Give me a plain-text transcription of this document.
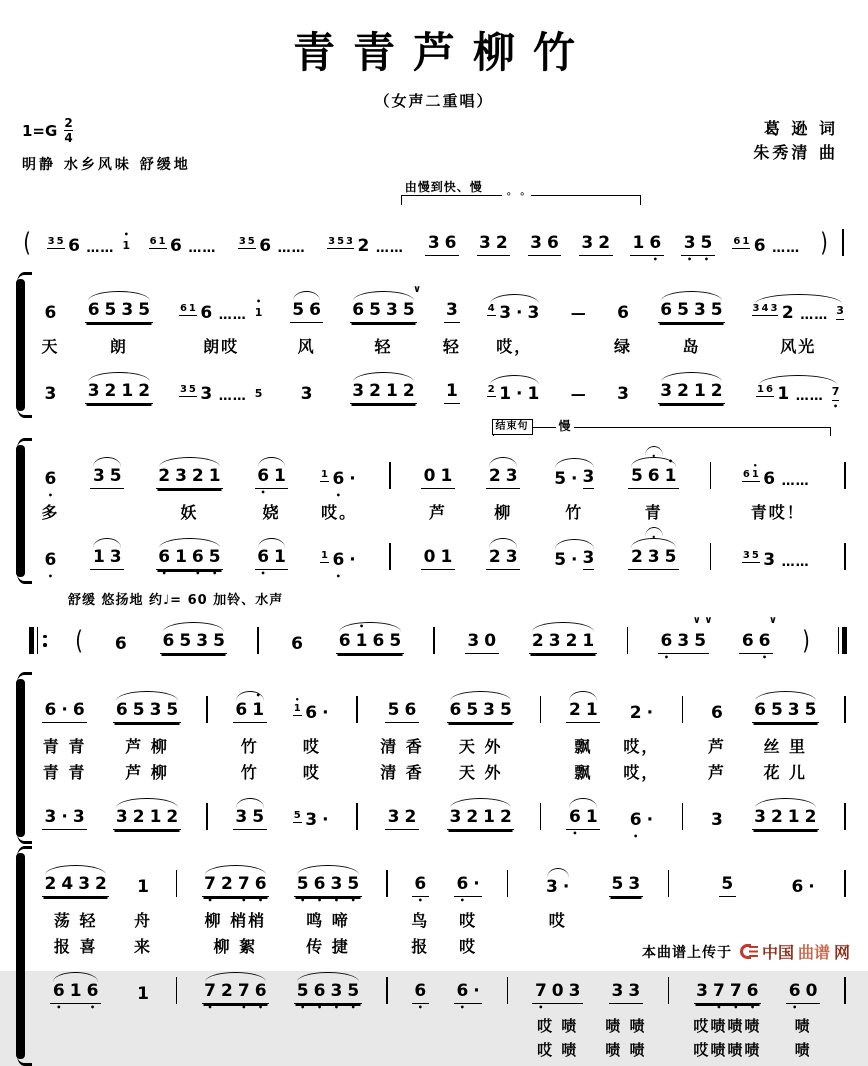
青青芦柳竹
（女声二重唱）
$1=G \frac{2}{4}$
明静 水乡风味 舒缓地
葛 逊 词
朱秀清 曲
由慢到快、慢
∘ ∘
( 3 5 6 …… 1
•
6 1 6 …… 3 5 6 …… 3 5 3 2 …… 3 6 3 2 3 6 3 2 1 6
•
3
•
5
•
6 1 6 …… )
6
天
3
6 5 3 5
朗
3 2 1 2
6 1 6 …… 1
•
朗哎
3 5 3 …… 5
5 6
风
3
∨
6 5 3 5
轻
3 2 1 2
3
轻
1
4 3 · 3
哎，
2 1 · 1
—
—
6
绿
3
6 5 3 5
岛
3 2 1 2
3 4 3 2 …… 3
风光
1 6 1 …… 7
•
结束句	慢
6
•
多
6
•
3 5
1 3
2 3 2 1
妖
6
•
1 6
•
5
•
6
•
1
娆
6
•
1
1 6
•
·
哎。
1 6
•
·
0 1
芦
0 1
2 3
柳
2 3
5 · 3
竹
5 · 3
•
5 6 1
•
青
•
2 3 5
6 1
•
6 ……
青哎！
3 5 3 ……
舒缓 悠扬地 约♩= 60 加铃、水声
( 6 6 5 3 5	6 6 1
•
6 5	3 0 2 3 2 1
∨ ∨
6
•
3 5
∨
6 6
•
)
6 · 6
青 青
青 青
3 · 3
6 5 3 5
芦 柳
芦 柳
3 2 1 2
6 1
•
竹
竹
3 5
1
•
6 ·
哎
哎
5 3 ·
5 6
清 香
清 香
3 2
6 5 3 5
天 外
天 外
3 2 1 2
2 1
飘
飘
6
•
1
2 ·
哎，
哎，
6
•
·
6
芦
芦
3
6 5 3 5
丝 里
花 儿
3 2 1 2
2 4 3 2
荡 轻
报 喜
6
•
1 6
•
1
舟
来
1
7
•
2 7
•
6
•
柳 梢梢
柳 絮
7
•
2 7
•
6
•
5
•
6
•
3
•
5
•
鸣 啼
传 捷
5
•
6
•
3
•
5
•
6
•
鸟
报
6
•
6
•
·
哎
哎
6
•
·
3 ·
哎
7
•
0 3
哎 啧
哎 啧
5 3
3 3
啧 啧
啧 啧
5
3 7
•
7
•
6
•
哎啧啧啧
哎啧啧啧
6 ·
6
•
0
啧
啧
本曲谱上传于 中国 曲谱 网
